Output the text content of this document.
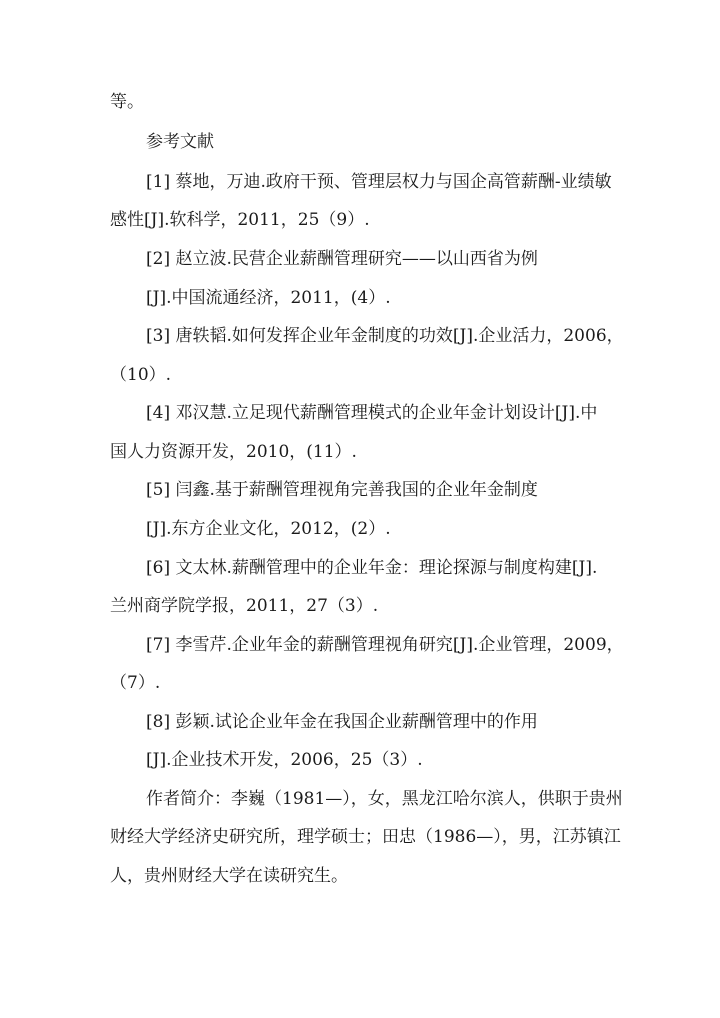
等。
参考文献
[1] 蔡地，万迪.政府干预、管理层权力与国企高管薪酬-业绩敏
感性[J].软科学，2011，25（9）.
[2] 赵立波.民营企业薪酬管理研究——以山西省为例
[J].中国流通经济，2011，(4）.
[3] 唐轶韬.如何发挥企业年金制度的功效[J].企业活力，2006，
（10）.
[4] 邓汉慧.立足现代薪酬管理模式的企业年金计划设计[J].中
国人力资源开发，2010，(11）.
[5] 闫鑫.基于薪酬管理视角完善我国的企业年金制度
[J].东方企业文化，2012，(2）.
[6] 文太林.薪酬管理中的企业年金：理论探源与制度构建[J].
兰州商学院学报，2011，27（3）.
[7] 李雪芹.企业年金的薪酬管理视角研究[J].企业管理，2009，
（7）.
[8] 彭颖.试论企业年金在我国企业薪酬管理中的作用
[J].企业技术开发，2006，25（3）.
作者简介：李巍（1981—），女，黑龙江哈尔滨人，供职于贵州
财经大学经济史研究所，理学硕士；田忠（1986—），男，江苏镇江
人，贵州财经大学在读研究生。
